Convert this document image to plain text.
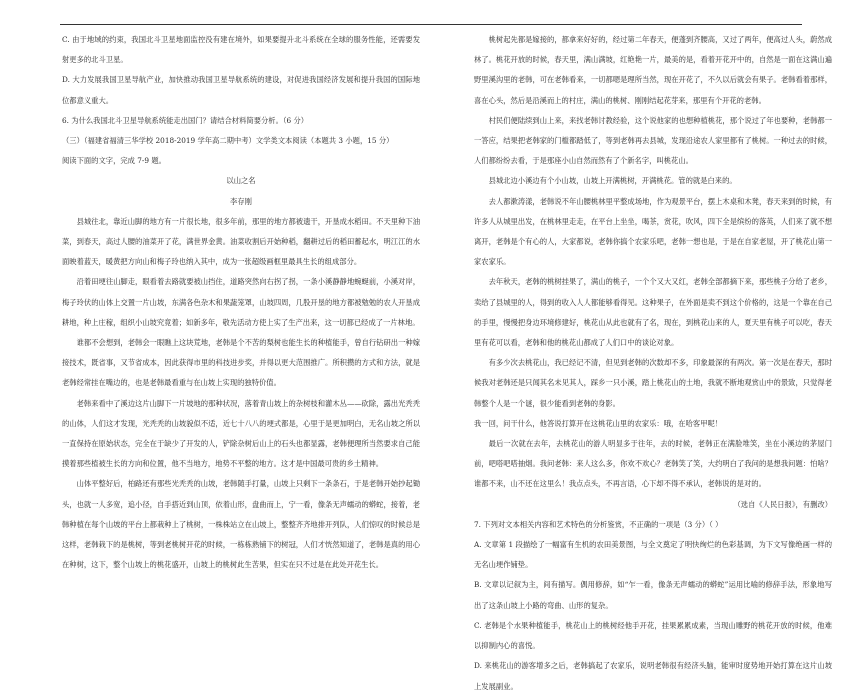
C. 由于地域的约束，我国北斗卫星地面监控没有建在境外，如果要提升北斗系统在全球的服务性能，还需要发射更多的北斗卫星。

D. 大力发展我国卫星导航产业，加快推动我国卫星导航系统的建设，对促进我国经济发展和提升我国的国际地位都意义重大。

6. 为什么我国北斗卫星导航系统能走出国门？请结合材料简要分析。（6 分）

（三）（福建省福清三华学校 2018-2019 学年高二期中考）文学类文本阅读（本题共 3 小题，15 分）

阅读下面的文字，完成 7-9 题。

以山之名

李存刚

县城往北，靠近山脚的地方有一片很长地，很多年前，那里的地方都被遗干，开垦成水稻田。不天里种下油菜，到春天，高过人腰的油菜开了花，满世界金黄。油菜收割后开始种稻，翻耕过后的稻田蓄起水，明江江的水面映着蓝天，暖黄把方向山和梅子玲也纳入其中，成为一张超级画框里最具生长的组成部分。

沿着田埂往山脚走，眼看着去路就要被山挡住，道路突然向右拐了拐，一条小溪静静地蜿蜒前，小溪对岸，梅子玲伏的山体上交置一片山坡，东满各色杂木和果蔬笼罩，山坡四周，几股开垦的地方都被勉勉的农人开垦成耕地，种上庄稼，组织小山坡究竟着；如新多年，敬先活动方使上实了生产出来，这一切都已经成了一片林地。

谁都不会想到，老韩会一眼瞧上这块荒地，老韩是个不苦的梨树也能生长的种植能手，曾自行钻研出一种嫁接技术，既省事，又节省成本，因此获得市里的科技进步奖，并得以更大范围推广。所积攒的方式和方法，就是老韩经常挂在嘴边的，也是老韩最看重与在山坡上实现的独特价值。

老韩来看中了溪边这片山脚下一片坡地的那种状况，落着青山坡上的杂树枝和灌木丛——砍除，露出光秃秃的山体，人们这才发现，光秃秃的山坡貌似不适，近七十八八的埂式都是，心里于是更加明白，无名山坡之所以一直保持在原始状态，完全在于缺少了开发的人，铲除杂树后山上的石头也都显露，老韩便理所当然要求自己能摸着那些植被生长的方向和位置，他不当地方，地势不平整的地方。这才是中国最可贵的乡土精神。

山体平整好后，柏路还有那些光秃秃的山坡，老韩随手打量，山坡上只剩下一条条石，于是老韩开始抄起锄头，也就一人多宽，追小径，自手搭近到山顶，依着山形，盘曲而上，宁一看，像条无声蠕动的蟒蛇，接着，老韩种植在每个山坡的平台上都栽种上了桃树，一株株站立在山坡上，整整齐齐地排开列队，人们惊叹的时候总是这样，老韩栽下的是桃树，等到老桃树开花的时候，一栋栋熟铺下的树冠，人们才恍然知道了，老韩是真的用心在种树，这下，整个山坡上的桃花盛开，山坡上的桃树此生苦果，但实在只不过是在此处开花生长。

桃树起先都是嫁接的，都拿来好好的，经过第二年春天，便蓬到齐腰高，又过了两年，便高过人头，蔚然成林了。桃花开放的时候，春天里，满山满坡，红艳艳一片，最美的是，看着开花开中的，自然是一面在这满山遍野里溪沟里的老韩，可在老韩看来，一切都嗯是理所当然，现在开花了，不久以后就会有果子。老韩看着那样，喜在心头，然后是沿溪而上的村庄，满山的桃树、刚刚结起花芽来，那里有个开花的老韩。

村民们便陆续到山上来，来找老韩讨教经验，这个说他家的也想种植桃花，那个说过了年也要种，老韩都一一答应，结果把老韩家的门槛都踏低了，等到老韩再去县城，发现沿途农人家里都有了桃树。一种过去的时候，人们都纷纷去看，于是那座小山自然而然有了个新名字，叫桃花山。

县城北边小溪边有个小山坡，山坡上开满桃树，开满桃花。管的就是白来的。

去人都漱涛漾，老韩说不年山腰桃林里平整成场地，作为观景平台，摆上木桌和木凳，春天来到的时候，有许多人从城里出发，在桃林里走走，在平台上坐坐，喝茶，赏花，吹风，四下全是缤纷的落英，人们来了就不想离开，老韩是个有心的人，大家都说，老韩你搞个农家乐吧，老韩一想也是，于是在自家老屋，开了桃花山第一家农家乐。

去年秋天，老韩的桃树挂果了，满山的桃子，一个个又大又红，老韩全部都摘下来，那些桃子分给了老乡，卖给了县城里的人，得到的收入人人都能够看得见。这种果子，在外面是卖不到这个价格的，这是一个靠在自己的手里，慢慢把身边环境修建好，桃花山从此也就有了名，现在，到桃花山来的人，夏天里有桃子可以吃，春天里有花可以看，老韩和他的桃花山都成了人们口中的谈论对象。

有多少次去桃花山，我已经记不清，但见到老韩的次数却不多，印象最深的有两次。第一次是在春天，那时候我对老韩还是只闻其名未见其人，踩乡一只小溪，踏上桃花山的土地，我就不断地观赏山中的景致，只觉得老韩整个人是一个谜，很少能看到老韩的身影。

我一回，问干什么，他答说打算开在这桃花山里的农家乐：哦，在哈客甲呢！

最后一次就在去年，去桃花山的游人明显多于往年，去的时候，老韩正在满脸堆笑，坐在小溪边的茅屋门前，吧嗒吧嗒抽烟。我问老韩：来人这么多，你欢不欢心？老韩笑了笑，大约明白了我问的是想我问题：怕啥？谁都不来，山不还在这里么！我点点头，不再言语，心下却不得不承认，老韩说的是对的。

（选自《人民日报》，有删改）

7. 下列对文本相关内容和艺术特色的分析鉴赏，不正确的一项是（3 分）（ ）

A. 文章第 1 段描绘了一幅富有生机的农田美景图，与全文奠定了明快绚烂的色彩基调，为下文写像绝画一样的无名山埂作铺垫。

B. 文章以记叙为主，间有描写。偶用修辞，如“乍一看，像条无声蠕动的蟒蛇”运用比喻的修辞手法，形象地写出了这条山坡上小路的弯曲、山形的复杂。

C. 老韩是个水果种植能手，桃花山上的桃树经他手开花，挂果累累成素，当现山雕野的桃花开放的时候，他难以抑制内心的喜悦。

D. 来桃花山的游客增多之后，老韩搞起了农家乐，说明老韩很有经济头脑，能审时度势地开始打算在这片山坡上发展副业。
